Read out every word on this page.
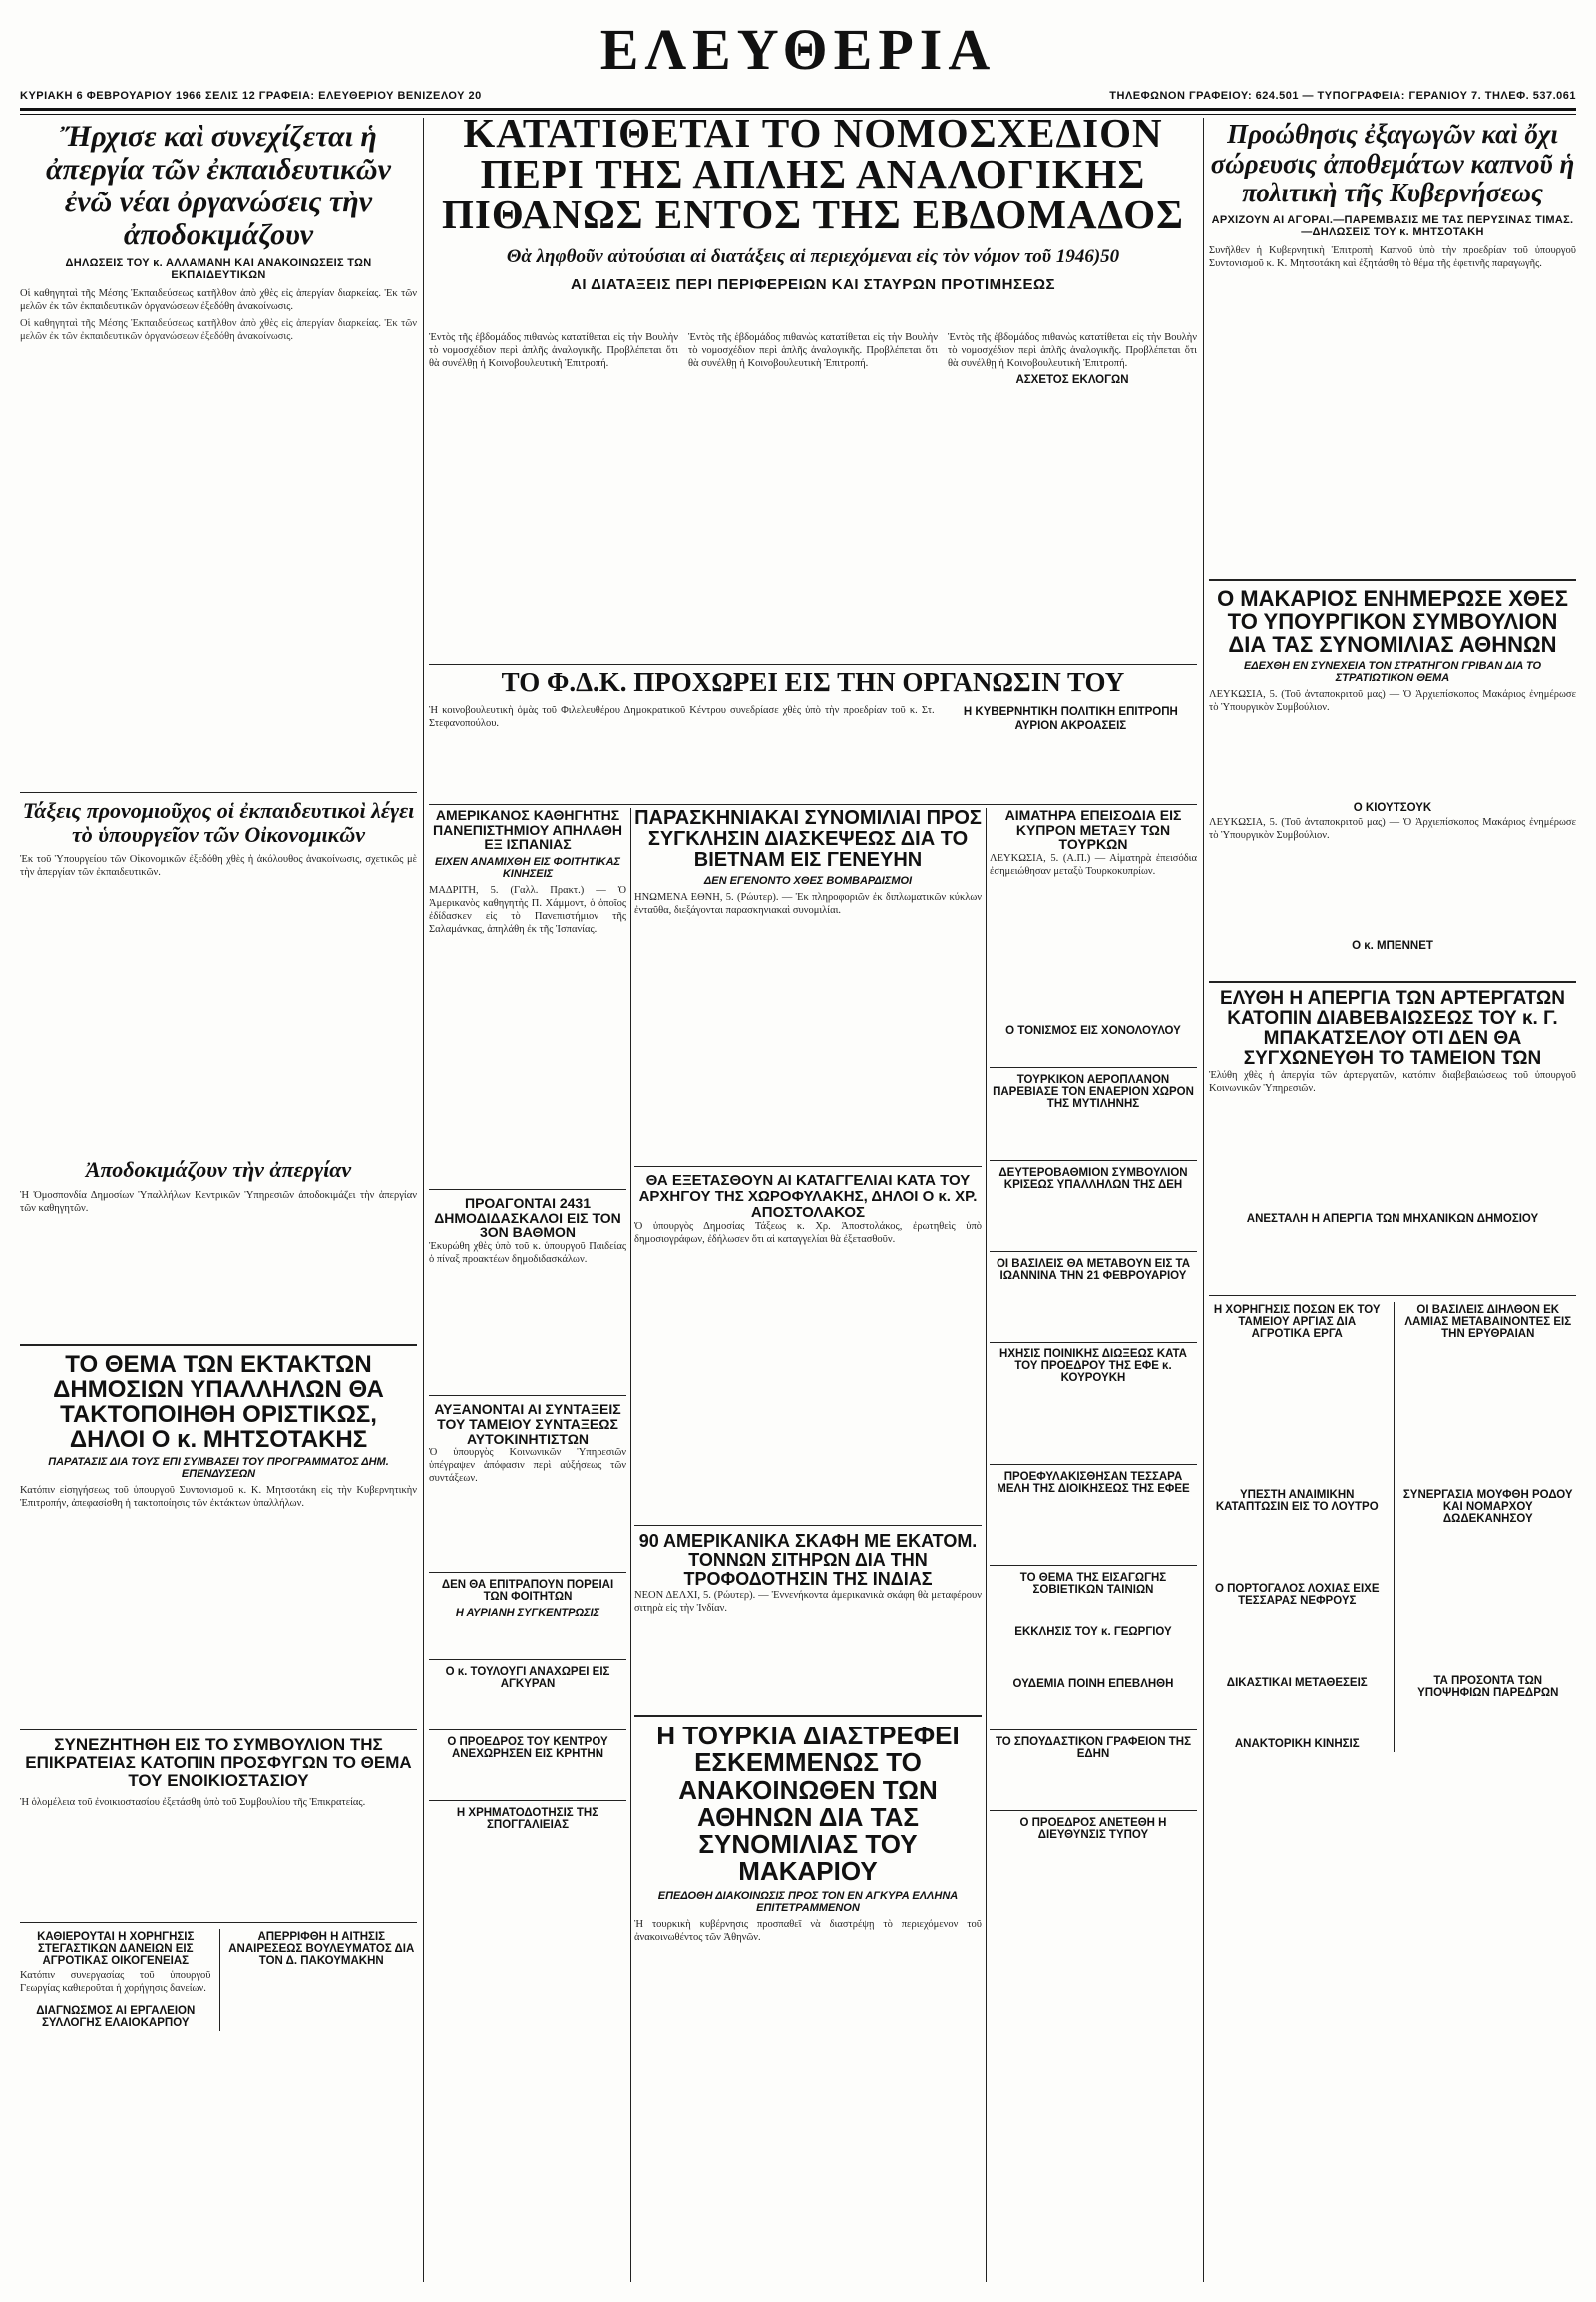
ΚΥΡΙΑΚΗ 6 ΦΕΒΡΟΥΑΡΙΟΥ 1966 ΣΕΛΙΣ 12 ΓΡΑΦΕΙΑ: ΕΛΕΥΘΕΡΙΟΥ ΒΕΝΙΖΕΛΟΥ 20
ΕΛΕΥΘΕΡΙΑ
ΤΗΛΕΦΩΝΟΝ ΓΡΑΦΕΙΟΥ: 624.501 — ΤΥΠΟΓΡΑΦΕΙΑ: ΓΕΡΑΝΙΟΥ 7. ΤΗΛΕΦ. 537.061
Ἤρχισε καὶ συνεχίζεται ἡ ἀπεργία τῶν ἐκπαιδευτικῶν ἐνῶ νέαι ὀργανώσεις τὴν ἀποδοκιμάζουν
ΔΗΛΩΣΕΙΣ ΤΟΥ κ. ΑΛΛΑΜΑΝΗ ΚΑΙ ΑΝΑΚΟΙΝΩΣΕΙΣ ΤΩΝ ΕΚΠΑΙΔΕΥΤΙΚΩΝ

Οἱ καθηγηταὶ τῆς Μέσης Ἐκπαιδεύσεως κατῆλθον ἀπὸ χθὲς εἰς ἀπεργίαν διαρκείας. Ἐκ τῶν μελῶν ἐκ τῶν ἐκπαιδευτικῶν ὀργανώσεων ἐξεδόθη ἀνακοίνωσις.

Οἱ καθηγηταὶ τῆς Μέσης Ἐκπαιδεύσεως κατῆλθον ἀπὸ χθὲς εἰς ἀπεργίαν διαρκείας. Ἐκ τῶν μελῶν ἐκ τῶν ἐκπαιδευτικῶν ὀργανώσεων ἐξεδόθη ἀνακοίνωσις.

Τάξεις προνομιοῦχος οἱ ἐκπαιδευτικοὶ λέγει τὸ ὑπουργεῖον τῶν Οἰκονομικῶν

Ἐκ τοῦ Ὑπουργείου τῶν Οἰκονομικῶν ἐξεδόθη χθὲς ἡ ἀκόλουθος ἀνακοίνωσις, σχετικῶς μὲ τὴν ἀπεργίαν τῶν ἐκπαιδευτικῶν.

Ἀποδοκιμάζουν τὴν ἀπεργίαν

Ἡ Ὁμοσπονδία Δημοσίων Ὑπαλλήλων Κεντρικῶν Ὑπηρεσιῶν ἀποδοκιμάζει τὴν ἀπεργίαν τῶν καθηγητῶν.

ΤΟ ΘΕΜΑ ΤΩΝ ΕΚΤΑΚΤΩΝ ΔΗΜΟΣΙΩΝ ΥΠΑΛΛΗΛΩΝ ΘΑ ΤΑΚΤΟΠΟΙΗΘΗ ΟΡΙΣΤΙΚΩΣ, ΔΗΛΟΙ Ο κ. ΜΗΤΣΟΤΑΚΗΣ
ΠΑΡΑΤΑΣΙΣ ΔΙΑ ΤΟΥΣ ΕΠΙ ΣΥΜΒΑΣΕΙ ΤΟΥ ΠΡΟΓΡΑΜΜΑΤΟΣ ΔΗΜ. ΕΠΕΝΔΥΣΕΩΝ

Κατόπιν εἰσηγήσεως τοῦ ὑπουργοῦ Συντονισμοῦ κ. Κ. Μητσοτάκη εἰς τὴν Κυβερνητικὴν Ἐπιτροπήν, ἀπεφασίσθη ἡ τακτοποίησις τῶν ἐκτάκτων ὑπαλλήλων.

ΣΥΝΕΖΗΤΗΘΗ ΕΙΣ ΤΟ ΣΥΜΒΟΥΛΙΟΝ ΤΗΣ ΕΠΙΚΡΑΤΕΙΑΣ ΚΑΤΟΠΙΝ ΠΡΟΣΦΥΓΩΝ ΤΟ ΘΕΜΑ ΤΟΥ ΕΝΟΙΚΙΟΣΤΑΣΙΟΥ

Ἡ ὁλομέλεια τοῦ ἐνοικιοστασίου ἐξετάσθη ὑπὸ τοῦ Συμβουλίου τῆς Ἐπικρατείας.

ΚΑΘΙΕΡΟΥΤΑΙ Η ΧΟΡΗΓΗΣΙΣ ΣΤΕΓΑΣΤΙΚΩΝ ΔΑΝΕΙΩΝ ΕΙΣ ΑΓΡΟΤΙΚΑΣ ΟΙΚΟΓΕΝΕΙΑΣ

Κατόπιν συνεργασίας τοῦ ὑπουργοῦ Γεωργίας καθιεροῦται ἡ χορήγησις δανείων.

ΔΙΑΓΝΩΣΜΟΣ ΑΙ ΕΡΓΑΛΕΙΟΝ ΣΥΛΛΟΓΗΣ ΕΛΑΙΟΚΑΡΠΟΥ
ΑΠΕΡΡΙΦΘΗ Η ΑΙΤΗΣΙΣ ΑΝΑΙΡΕΣΕΩΣ ΒΟΥΛΕΥΜΑΤΟΣ ΔΙΑ ΤΟΝ Δ. ΠΑΚΟΥΜΑΚΗΝ

ΚΑΤΑΤΙΘΕΤΑΙ ΤΟ ΝΟΜΟΣΧΕΔΙΟΝ

ΠΕΡΙ ΤΗΣ ΑΠΛΗΣ ΑΝΑΛΟΓΙΚΗΣ

ΠΙΘΑΝΩΣ ΕΝΤΟΣ ΤΗΣ ΕΒΔΟΜΑΔΟΣ

Θὰ ληφθοῦν αὐτούσιαι αἱ διατάξεις αἱ περιεχόμεναι εἰς τὸν νόμον τοῦ 1946)50

ΑΙ ΔΙΑΤΑΞΕΙΣ ΠΕΡΙ ΠΕΡΙΦΕΡΕΙΩΝ ΚΑΙ ΣΤΑΥΡΩΝ ΠΡΟΤΙΜΗΣΕΩΣ

Ἐντὸς τῆς ἑβδομάδος πιθανὼς κατατίθεται εἰς τὴν Βουλὴν τὸ νομοσχέδιον περὶ ἁπλῆς ἀναλογικῆς. Προβλέπεται ὅτι θὰ συνέλθῃ ἡ Κοινοβουλευτικὴ Ἐπιτροπή.

Ἐντὸς τῆς ἑβδομάδος πιθανὼς κατατίθεται εἰς τὴν Βουλὴν τὸ νομοσχέδιον περὶ ἁπλῆς ἀναλογικῆς. Προβλέπεται ὅτι θὰ συνέλθῃ ἡ Κοινοβουλευτικὴ Ἐπιτροπή.

Ἐντὸς τῆς ἑβδομάδος πιθανὼς κατατίθεται εἰς τὴν Βουλὴν τὸ νομοσχέδιον περὶ ἁπλῆς ἀναλογικῆς. Προβλέπεται ὅτι θὰ συνέλθῃ ἡ Κοινοβουλευτικὴ Ἐπιτροπή.

ΑΣΧΕΤΟΣ ΕΚΛΟΓΩΝ
ΤΟ Φ.Δ.Κ. ΠΡΟΧΩΡΕΙ ΕΙΣ ΤΗΝ ΟΡΓΑΝΩΣΙΝ ΤΟΥ

Ἡ κοινοβουλευτικὴ ὁμὰς τοῦ Φιλελευθέρου Δημοκρατικοῦ Κέντρου συνεδρίασε χθὲς ὑπὸ τὴν προεδρίαν τοῦ κ. Στ. Στεφανοπούλου.

Η ΚΥΒΕΡΝΗΤΙΚΗ ΠΟΛΙΤΙΚΗ ΕΠΙΤΡΟΠΗ
ΑΥΡΙΟΝ ΑΚΡΟΑΣΕΙΣ
ΑΜΕΡΙΚΑΝΟΣ ΚΑΘΗΓΗΤΗΣ ΠΑΝΕΠΙΣΤΗΜΙΟΥ ΑΠΗΛΑΘΗ ΕΞ ΙΣΠΑΝΙΑΣ
ΕΙΧΕΝ ΑΝΑΜΙΧΘΗ ΕΙΣ ΦΟΙΤΗΤΙΚΑΣ ΚΙΝΗΣΕΙΣ

ΜΑΔΡΙΤΗ, 5. (Γαλλ. Πρακτ.) — Ὁ Ἀμερικανὸς καθηγητὴς Π. Χάμμοντ, ὁ ὁποῖος ἐδίδασκεν εἰς τὸ Πανεπιστήμιον τῆς Σαλαμάνκας, ἀπηλάθη ἐκ τῆς Ἰσπανίας.

ΠΡΟΑΓΟΝΤΑΙ 2431 ΔΗΜΟΔΙΔΑΣΚΑΛΟΙ ΕΙΣ ΤΟΝ 3ΟΝ ΒΑΘΜΟΝ

Ἐκυρώθη χθὲς ὑπὸ τοῦ κ. ὑπουργοῦ Παιδείας ὁ πίναξ προακτέων δημοδιδασκάλων.

ΑΥΞΑΝΟΝΤΑΙ ΑΙ ΣΥΝΤΑΞΕΙΣ ΤΟΥ ΤΑΜΕΙΟΥ ΣΥΝΤΑΞΕΩΣ ΑΥΤΟΚΙΝΗΤΙΣΤΩΝ

Ὁ ὑπουργὸς Κοινωνικῶν Ὑπηρεσιῶν ὑπέγραψεν ἀπόφασιν περὶ αὐξήσεως τῶν συντάξεων.

ΔΕΝ ΘΑ ΕΠΙΤΡΑΠΟΥΝ ΠΟΡΕΙΑΙ ΤΩΝ ΦΟΙΤΗΤΩΝ
Η ΑΥΡΙΑΝΗ ΣΥΓΚΕΝΤΡΩΣΙΣ
Ο κ. ΤΟΥΛΟΥΓΙ ΑΝΑΧΩΡΕΙ ΕΙΣ ΑΓΚΥΡΑΝ
Ο ΠΡΟΕΔΡΟΣ ΤΟΥ ΚΕΝΤΡΟΥ ΑΝΕΧΩΡΗΣΕΝ ΕΙΣ ΚΡΗΤΗΝ
Η ΧΡΗΜΑΤΟΔΟΤΗΣΙΣ ΤΗΣ ΣΠΟΓΓΑΛΙΕΙΑΣ
ΠΑΡΑΣΚΗΝΙΑΚΑΙ ΣΥΝΟΜΙΛΙΑΙ ΠΡΟΣ ΣΥΓΚΛΗΣΙΝ ΔΙΑΣΚΕΨΕΩΣ ΔΙΑ ΤΟ ΒΙΕΤΝΑΜ ΕΙΣ ΓΕΝΕΥΗΝ
ΔΕΝ ΕΓΕΝΟΝΤΟ ΧΘΕΣ ΒΟΜΒΑΡΔΙΣΜΟΙ

ΗΝΩΜΕΝΑ ΕΘΝΗ, 5. (Ρώυτερ). — Ἐκ πληροφοριῶν ἐκ διπλωματικῶν κύκλων ἐνταῦθα, διεξάγονται παρασκηνιακαὶ συνομιλίαι.

ΘΑ ΕΞΕΤΑΣΘΟΥΝ ΑΙ ΚΑΤΑΓΓΕΛΙΑΙ ΚΑΤΑ ΤΟΥ ΑΡΧΗΓΟΥ ΤΗΣ ΧΩΡΟΦΥΛΑΚΗΣ, ΔΗΛΟΙ Ο κ. ΧΡ. ΑΠΟΣΤΟΛΑΚΟΣ

Ὁ ὑπουργὸς Δημοσίας Τάξεως κ. Χρ. Ἀποστολάκος, ἐρωτηθεὶς ὑπὸ δημοσιογράφων, ἐδήλωσεν ὅτι αἱ καταγγελίαι θὰ ἐξετασθοῦν.

90 ΑΜΕΡΙΚΑΝΙΚΑ ΣΚΑΦΗ ΜΕ ΕΚΑΤΟΜ. ΤΟΝΝΩΝ ΣΙΤΗΡΩΝ ΔΙΑ ΤΗΝ ΤΡΟΦΟΔΟΤΗΣΙΝ ΤΗΣ ΙΝΔΙΑΣ

ΝΕΟΝ ΔΕΛΧΙ, 5. (Ρώυτερ). — Ἐννενήκοντα ἀμερικανικὰ σκάφη θὰ μεταφέρουν σιτηρὰ εἰς τὴν Ἰνδίαν.

Η ΤΟΥΡΚΙΑ ΔΙΑΣΤΡΕΦΕΙ ΕΣΚΕΜΜΕΝΩΣ ΤΟ ΑΝΑΚΟΙΝΩΘΕΝ ΤΩΝ ΑΘΗΝΩΝ ΔΙΑ ΤΑΣ ΣΥΝΟΜΙΛΙΑΣ ΤΟΥ ΜΑΚΑΡΙΟΥ
ΕΠΕΔΟΘΗ ΔΙΑΚΟΙΝΩΣΙΣ ΠΡΟΣ ΤΟΝ ΕΝ ΑΓΚΥΡΑ ΕΛΛΗΝΑ ΕΠΙΤΕΤΡΑΜΜΕΝΟΝ

Ἡ τουρκικὴ κυβέρνησις προσπαθεῖ νὰ διαστρέψῃ τὸ περιεχόμενον τοῦ ἀνακοινωθέντος τῶν Ἀθηνῶν.

ΑΙΜΑΤΗΡΑ ΕΠΕΙΣΟΔΙΑ ΕΙΣ ΚΥΠΡΟΝ ΜΕΤΑΞΥ ΤΩΝ ΤΟΥΡΚΩΝ

ΛΕΥΚΩΣΙΑ, 5. (Α.Π.) — Αἱματηρὰ ἐπεισόδια ἐσημειώθησαν μεταξὺ Τουρκοκυπρίων.

Ο ΤΟΝΙΣΜΟΣ ΕΙΣ ΧΟΝΟΛΟΥΛΟΥ
ΤΟΥΡΚΙΚΟΝ ΑΕΡΟΠΛΑΝΟΝ ΠΑΡΕΒΙΑΣΕ ΤΟΝ ΕΝΑΕΡΙΟΝ ΧΩΡΟΝ ΤΗΣ ΜΥΤΙΛΗΝΗΣ
ΔΕΥΤΕΡΟΒΑΘΜΙΟΝ ΣΥΜΒΟΥΛΙΟΝ ΚΡΙΣΕΩΣ ΥΠΑΛΛΗΛΩΝ ΤΗΣ ΔΕΗ
ΟΙ ΒΑΣΙΛΕΙΣ ΘΑ ΜΕΤΑΒΟΥΝ ΕΙΣ ΤΑ ΙΩΑΝΝΙΝΑ ΤΗΝ 21 ΦΕΒΡΟΥΑΡΙΟΥ
ΗΧΗΣΙΣ ΠΟΙΝΙΚΗΣ ΔΙΩΞΕΩΣ ΚΑΤΑ ΤΟΥ ΠΡΟΕΔΡΟΥ ΤΗΣ ΕΦΕ κ. ΚΟΥΡΟΥΚΗ
ΠΡΟΕΦΥΛΑΚΙΣΘΗΣΑΝ ΤΕΣΣΑΡΑ ΜΕΛΗ ΤΗΣ ΔΙΟΙΚΗΣΕΩΣ ΤΗΣ ΕΦΕΕ
ΤΟ ΘΕΜΑ ΤΗΣ ΕΙΣΑΓΩΓΗΣ ΣΟΒΙΕΤΙΚΩΝ ΤΑΙΝΙΩΝ
ΕΚΚΛΗΣΙΣ ΤΟΥ κ. ΓΕΩΡΓΙΟΥ
ΟΥΔΕΜΙΑ ΠΟΙΝΗ ΕΠΕΒΛΗΘΗ
ΤΟ ΣΠΟΥΔΑΣΤΙΚΟΝ ΓΡΑΦΕΙΟΝ ΤΗΣ ΕΔΗΝ
Ο ΠΡΟΕΔΡΟΣ ΑΝΕΤΕΘΗ Η ΔΙΕΥΘΥΝΣΙΣ ΤΥΠΟΥ
Προώθησις ἐξαγωγῶν καὶ ὄχι σώρευσις ἀποθεμάτων καπνοῦ ἡ πολιτικὴ τῆς Κυβερνήσεως
ΑΡΧΙΖΟΥΝ ΑΙ ΑΓΟΡΑΙ.—ΠΑΡΕΜΒΑΣΙΣ ΜΕ ΤΑΣ ΠΕΡΥΣΙΝΑΣ ΤΙΜΑΣ.—ΔΗΛΩΣΕΙΣ ΤΟΥ κ. ΜΗΤΣΟΤΑΚΗ

Συνῆλθεν ἡ Κυβερνητικὴ Ἐπιτροπὴ Καπνοῦ ὑπὸ τὴν προεδρίαν τοῦ ὑπουργοῦ Συντονισμοῦ κ. Κ. Μητσοτάκη καὶ ἐξητάσθη τὸ θέμα τῆς ἐφετινῆς παραγωγῆς.

Ο ΜΑΚΑΡΙΟΣ ΕΝΗΜΕΡΩΣΕ ΧΘΕΣ ΤΟ ΥΠΟΥΡΓΙΚΟΝ ΣΥΜΒΟΥΛΙΟΝ ΔΙΑ ΤΑΣ ΣΥΝΟΜΙΛΙΑΣ ΑΘΗΝΩΝ
ΕΔΕΧΘΗ ΕΝ ΣΥΝΕΧΕΙΑ ΤΟΝ ΣΤΡΑΤΗΓΟΝ ΓΡΙΒΑΝ ΔΙΑ ΤΟ ΣΤΡΑΤΙΩΤΙΚΟΝ ΘΕΜΑ

ΛΕΥΚΩΣΙΑ, 5. (Τοῦ ἀνταποκριτοῦ μας) — Ὁ Ἀρχιεπίσκοπος Μακάριος ἐνημέρωσε τὸ Ὑπουργικὸν Συμβούλιον.

Ο ΚΙΟΥΤΣΟΥΚ

ΛΕΥΚΩΣΙΑ, 5. (Τοῦ ἀνταποκριτοῦ μας) — Ὁ Ἀρχιεπίσκοπος Μακάριος ἐνημέρωσε τὸ Ὑπουργικὸν Συμβούλιον.

Ο κ. ΜΠΕΝΝΕΤ
ΕΛΥΘΗ Η ΑΠΕΡΓΙΑ ΤΩΝ ΑΡΤΕΡΓΑΤΩΝ ΚΑΤΟΠΙΝ ΔΙΑΒΕΒΑΙΩΣΕΩΣ ΤΟΥ κ. Γ. ΜΠΑΚΑΤΣΕΛΟΥ ΟΤΙ ΔΕΝ ΘΑ ΣΥΓΧΩΝΕΥΘΗ ΤΟ ΤΑΜΕΙΟΝ ΤΩΝ

Ἐλύθη χθὲς ἡ ἀπεργία τῶν ἀρτεργατῶν, κατόπιν διαβεβαιώσεως τοῦ ὑπουργοῦ Κοινωνικῶν Ὑπηρεσιῶν.

ΑΝΕΣΤΑΛΗ Η ΑΠΕΡΓΙΑ ΤΩΝ ΜΗΧΑΝΙΚΩΝ ΔΗΜΟΣΙΟΥ
Η ΧΟΡΗΓΗΣΙΣ ΠΟΣΩΝ ΕΚ ΤΟΥ ΤΑΜΕΙΟΥ ΑΡΓΙΑΣ ΔΙΑ ΑΓΡΟΤΙΚΑ ΕΡΓΑ
ΥΠΕΣΤΗ ΑΝΑΙΜΙΚΗΝ ΚΑΤΑΠΤΩΣΙΝ ΕΙΣ ΤΟ ΛΟΥΤΡΟ
Ο ΠΟΡΤΟΓΑΛΟΣ ΛΟΧΙΑΣ ΕΙΧΕ ΤΕΣΣΑΡΑΣ ΝΕΦΡΟΥΣ
ΔΙΚΑΣΤΙΚΑΙ ΜΕΤΑΘΕΣΕΙΣ
ΑΝΑΚΤΟΡΙΚΗ ΚΙΝΗΣΙΣ
ΟΙ ΒΑΣΙΛΕΙΣ ΔΙΗΛΘΟΝ ΕΚ ΛΑΜΙΑΣ ΜΕΤΑΒΑΙΝΟΝΤΕΣ ΕΙΣ ΤΗΝ ΕΡΥΘΡΑΙΑΝ
ΣΥΝΕΡΓΑΣΙΑ ΜΟΥΦΘΗ ΡΟΔΟΥ ΚΑΙ ΝΟΜΑΡΧΟΥ ΔΩΔΕΚΑΝΗΣΟΥ
ΤΑ ΠΡΟΣΟΝΤΑ ΤΩΝ ΥΠΟΨΗΦΙΩΝ ΠΑΡΕΔΡΩΝ
